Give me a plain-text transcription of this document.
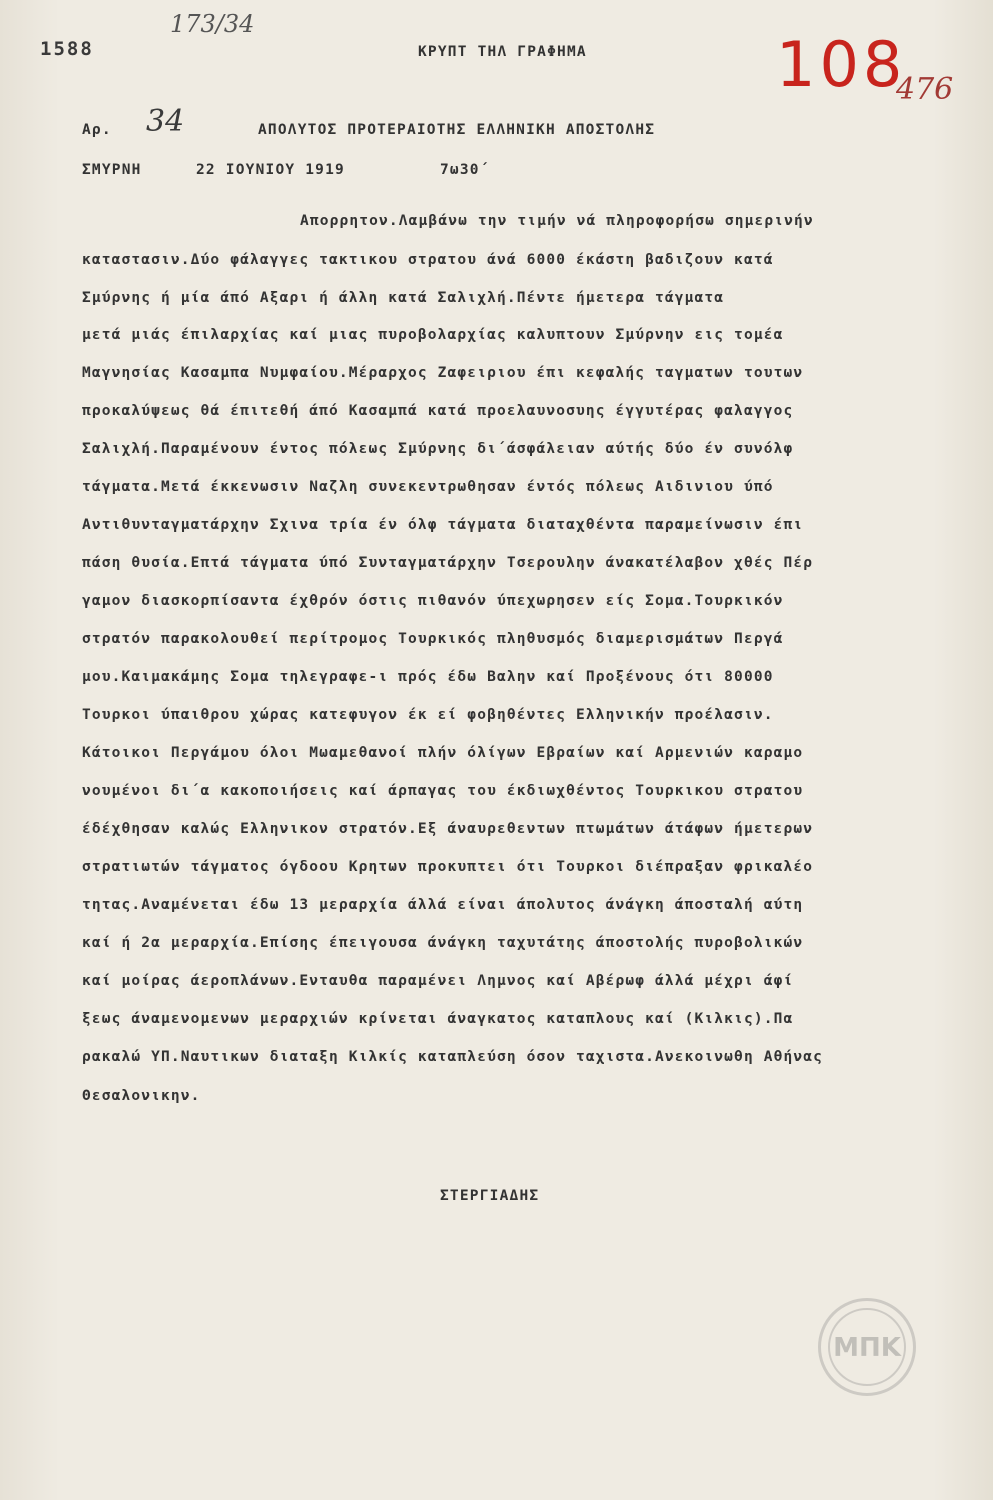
1588
173/34
ΚΡΥΠΤ ΤΗΛ ΓΡΑΦΗΜΑ	108
476
Αρ. 34	ΑΠΟΛΥΤΟΣ ΠΡΟΤΕΡΑΙΟΤΗΣ ΕΛΛΗΝΙΚΗ ΑΠΟΣΤΟΛΗΣ
ΣΜΥΡΝΗ	22 ΙΟΥΝΙΟΥ 1919	7ω30΄
Απορρητον.Λαμβάνω την τιμήν νά πληροφορήσω σημερινήν
καταστασιν.Δύο φάλαγγες τακτικου στρατου άνά 6000 έκάστη βαδιζουν κατά
Σμύρνης ή μία άπό Αξαρι ή άλλη κατά Σαλιχλή.Πέντε ήμετερα τάγματα
μετά μιάς έπιλαρχίας καί μιας πυροβολαρχίας καλυπτουν Σμύρνην εις τομέα
Μαγνησίας Κασαμπα Νυμφαίου.Μέραρχος Ζαφειριου έπι κεφαλής ταγματων τουτων
προκαλύψεως θά έπιτεθή άπό Κασαμπά κατά προελαυνοσυης έγγυτέρας φαλαγγος
Σαλιχλή.Παραμένουν έντος πόλεως Σμύρνης δι΄άσφάλειαν αύτής δύο έν συνόλφ
τάγματα.Μετά έκκενωσιν Ναζλη συνεκεντρωθησαν έντός πόλεως Αιδινιου ύπό
Αντιθυνταγματάρχην Σχινα τρία έν όλφ τάγματα διαταχθέντα παραμείνωσιν έπι
πάση θυσία.Επτά τάγματα ύπό Συνταγματάρχην Τσερουλην άνακατέλαβον χθές Πέρ
γαμον διασκορπίσαντα έχθρόν όστις πιθανόν ύπεχωρησεν είς Σομα.Τουρκικόν
στρατόν παρακολουθεί περίτρομος Τουρκικός πληθυσμός διαμερισμάτων Περγά
μου.Καιμακάμης Σομα τηλεγραφε-ι πρός έδω Βαλην καί Προξένους ότι 80000
Τουρκοι ύπαιθρου χώρας κατεφυγον έκ εί φοβηθέντες Ελληνικήν προέλασιν.
Κάτοικοι Περγάμου όλοι Μωαμεθανοί πλήν όλίγων Εβραίων καί Αρμενιών καραμο
νουμένοι δι΄α κακοποιήσεις καί άρπαγας του έκδιωχθέντος Τουρκικου στρατου
έδέχθησαν καλώς Ελληνικον στρατόν.Εξ άναυρεθεντων πτωμάτων άτάφων ήμετερων
στρατιωτών τάγματος όγδοου Κρητων προκυπτει ότι Τουρκοι διέπραξαν φρικαλέο
τητας.Αναμένεται έδω 13 μεραρχία άλλά είναι άπολυτος άνάγκη άποσταλή αύτη
καί ή 2α μεραρχία.Επίσης έπειγουσα άνάγκη ταχυτάτης άποστολής πυροβολικών
καί μοίρας άεροπλάνων.Ενταυθα παραμένει Λημνος καί Αβέρωφ άλλά μέχρι άφί
ξεως άναμενομενων μεραρχιών κρίνεται άναγκατος καταπλους καί (Κιλκις).Πα
ρακαλώ ΥΠ.Ναυτικων διαταξη Κιλκίς καταπλεύση όσον ταχιστα.Ανεκοινωθη Αθήνας
Θεσαλονικην.
ΣΤΕΡΓΙΑΔΗΣ
ΜΠΚ
